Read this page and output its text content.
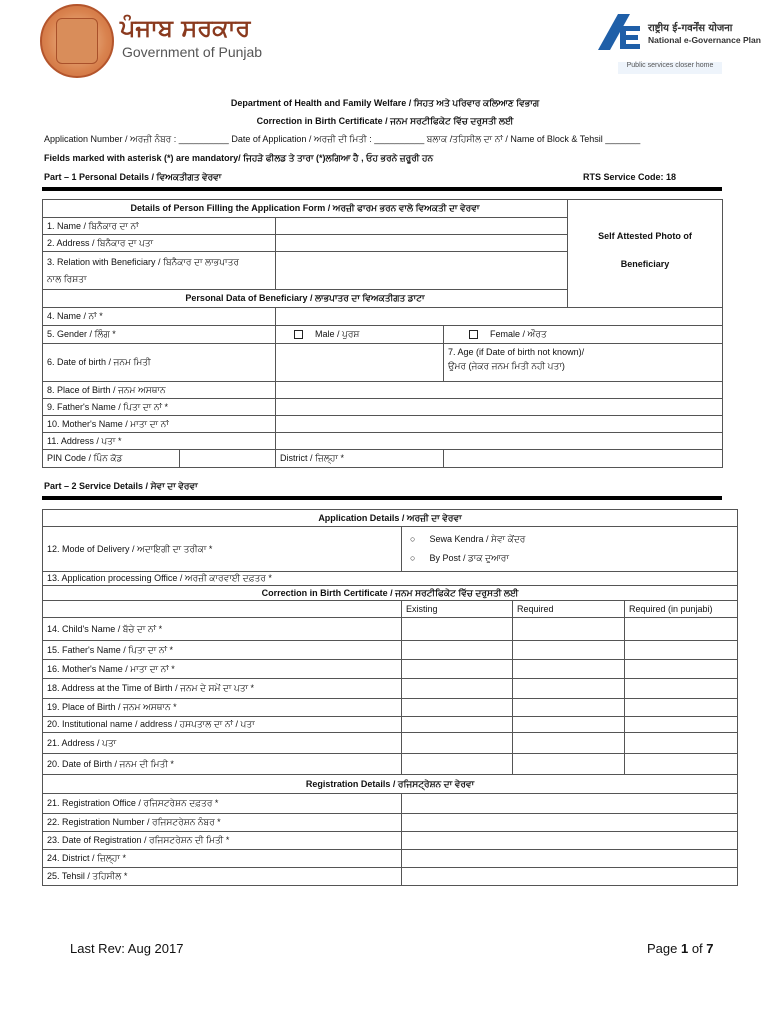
ਪੰਜਾਬ ਸਰਕਾਰ
Government of Punjab
राष्ट्रीय ई-गवर्नेंस योजना
National e-Governance Plan
Public services closer home
Department of Health and Family Welfare / ਸਿਹਤ ਅਤੇ ਪਰਿਵਾਰ ਕਲਿਆਣ ਵਿਭਾਗ
Correction in Birth Certificate / ਜਨਮ ਸਰਟੀਫਿਕੇਟ ਵਿੱਚ ਦਰੁਸਤੀ ਲਈ
Application Number / ਅਰਜ਼ੀ ਨੰਬਰ : __________ Date of Application / ਅਰਜ਼ੀ ਦੀ ਮਿਤੀ : __________ ਬਲਾਕ /ਤਹਿਸੀਲ ਦਾ ਨਾਂ / Name of Block & Tehsil _______
Fields marked with asterisk (*) are mandatory/ ਜਿਹੜੇ ਫੀਲਡ ਤੇ ਤਾਰਾ (*)ਲਗਿਆ ਹੈ , ਓਹ ਭਰਨੇ ਜ਼ਰੂਰੀ ਹਨ
Part – 1 Personal Details / ਵਿਅਕਤੀਗਤ ਵੇਰਵਾ	RTS Service Code: 18
Details of Person Filling the Application Form / ਅਰਜ਼ੀ ਫਾਰਮ ਭਰਨ ਵਾਲੇ ਵਿਅਕਤੀ ਦਾ ਵੇਰਵਾ				Self Attested Photo of
Beneficiary
1. Name / ਬਿਨੈਕਾਰ ਦਾ ਨਾਂ				
2. Address / ਬਿਨੈਕਾਰ ਦਾ ਪਤਾ				
3. Relation with Beneficiary / ਬਿਨੈਕਾਰ ਦਾ ਲਾਭਪਾਤਰ
ਨਾਲ ਰਿਸ਼ਤਾ				
Personal Data of Beneficiary / ਲਾਭਪਾਤਰ ਦਾ ਵਿਅਕਤੀਗਤ ਡਾਟਾ				
4. Name / ਨਾਂ *				
5. Gender / ਲਿੰਗ *		Male / ਪੁਰਸ਼	Female / ਔਰਤ	
6. Date of birth / ਜਨਮ ਮਿਤੀ			7. Age (if Date of birth not known)/
ਉਮਰ (ਜੇਕਰ ਜਨਮ ਮਿਤੀ ਨਹੀ ਪਤਾ)	
8. Place of Birth / ਜਨਮ ਅਸਥਾਨ				
9. Father's Name / ਪਿਤਾ ਦਾ ਨਾਂ *				
10. Mother's Name / ਮਾਤਾ ਦਾ ਨਾਂ				
11. Address / ਪਤਾ *				
PIN Code / ਪਿੰਨ ਕੋਡ		District / ਜ਼ਿਲ੍ਹਾ *		
Part – 2 Service Details / ਸੇਵਾ ਦਾ ਵੇਰਵਾ
Application Details / ਅਰਜ਼ੀ ਦਾ ਵੇਰਵਾ			
12. Mode of Delivery / ਅਦਾਇਗੀ ਦਾ ਤਰੀਕਾ *	○ Sewa Kendra / ਸੇਵਾ ਕੇਂਦਰ
○ By Post / ਡਾਕ ਦੁਆਰਾ		

13. Application processing Office / ਅਰਜ਼ੀ ਕਾਰਵਾਈ ਦਫ਼ਤਰ *			
Correction in Birth Certificate / ਜਨਮ ਸਰਟੀਫਿਕੇਟ ਵਿੱਚ ਦਰੁਸਤੀ ਲਈ			
	Existing	Required	Required (in punjabi)
14. Child's Name / ਬੱਚੇ ਦਾ ਨਾਂ *			
15. Father's Name / ਪਿਤਾ ਦਾ ਨਾਂ *			
16. Mother's Name / ਮਾਤਾ ਦਾ ਨਾਂ *			
18. Address at the Time of Birth / ਜਨਮ ਦੇ ਸਮੇਂ ਦਾ ਪਤਾ *			
19. Place of Birth / ਜਨਮ ਅਸਥਾਨ *			
20. Institutional name / address / ਹਸਪਤਾਲ ਦਾ ਨਾਂ / ਪਤਾ			
21. Address / ਪਤਾ			
20. Date of Birth / ਜਨਮ ਦੀ ਮਿਤੀ *			
Registration Details / ਰਜਿਸਟ੍ਰੇਸ਼ਨ ਦਾ ਵੇਰਵਾ			
21. Registration Office / ਰਜਿਸਟਰੇਸ਼ਨ ਦਫ਼ਤਰ *			
22. Registration Number / ਰਜਿਸਟਰੇਸ਼ਨ ਨੰਬਰ *			
23. Date of Registration / ਰਜਿਸਟਰੇਸ਼ਨ ਦੀ ਮਿਤੀ *			
24. District / ਜ਼ਿਲ੍ਹਾ *			
25. Tehsil / ਤਹਿਸੀਲ *			
Last Rev: Aug 2017	Page 1 of 7
